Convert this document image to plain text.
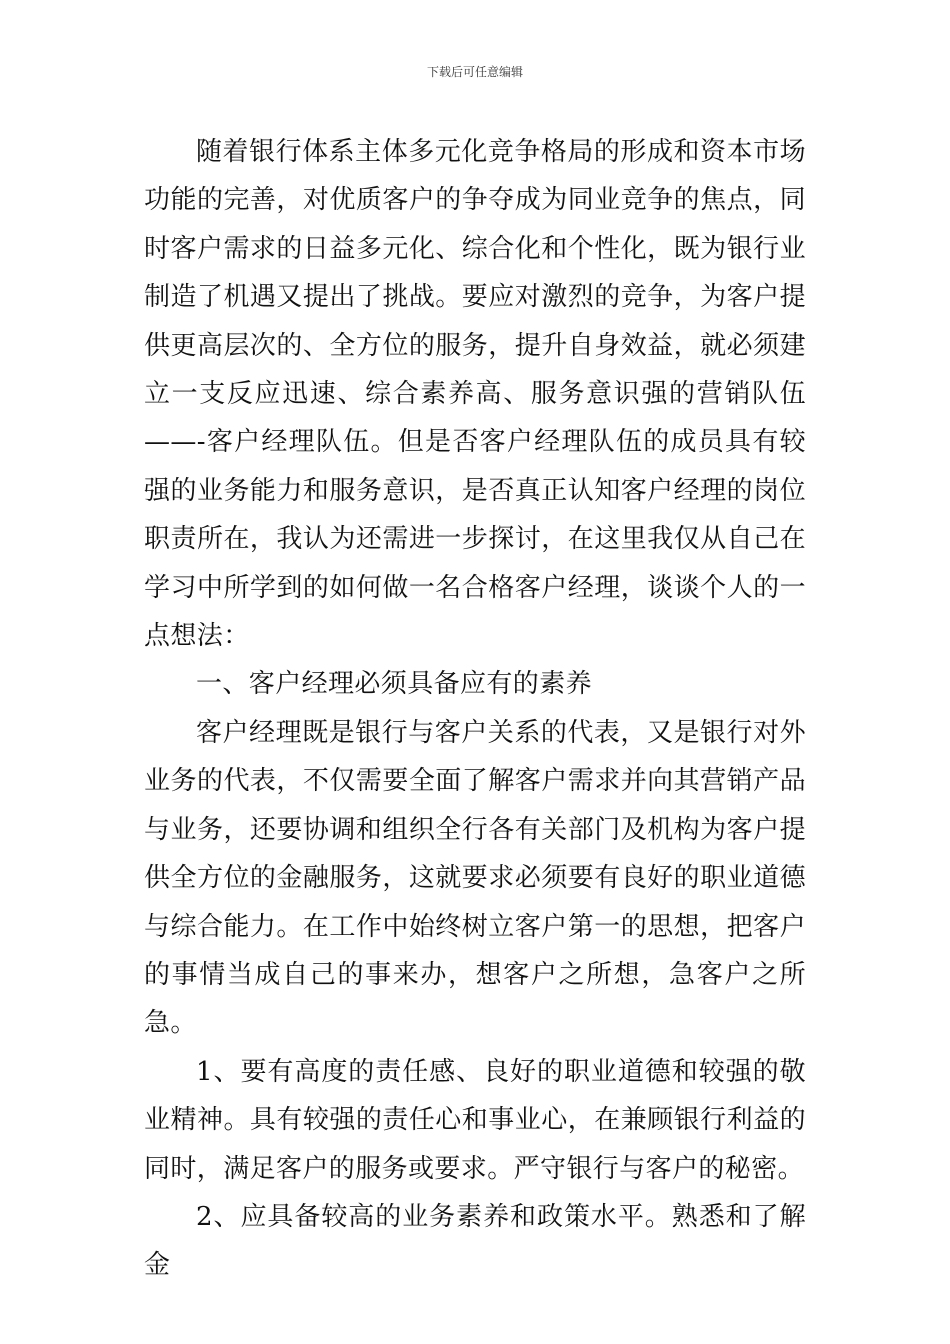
下载后可任意编辑

随着银行体系主体多元化竞争格局的形成和资本市场功能的完善，对优质客户的争夺成为同业竞争的焦点，同时客户需求的日益多元化、综合化和个性化，既为银行业制造了机遇又提出了挑战。要应对激烈的竞争，为客户提供更高层次的、全方位的服务，提升自身效益，就必须建立一支反应迅速、综合素养高、服务意识强的营销队伍——-客户经理队伍。但是否客户经理队伍的成员具有较强的业务能力和服务意识，是否真正认知客户经理的岗位职责所在，我认为还需进一步探讨，在这里我仅从自己在学习中所学到的如何做一名合格客户经理，谈谈个人的一点想法：

一、客户经理必须具备应有的素养

客户经理既是银行与客户关系的代表，又是银行对外业务的代表，不仅需要全面了解客户需求并向其营销产品与业务，还要协调和组织全行各有关部门及机构为客户提供全方位的金融服务，这就要求必须要有良好的职业道德与综合能力。在工作中始终树立客户第一的思想，把客户的事情当成自己的事来办，想客户之所想，急客户之所急。

1、要有高度的责任感、良好的职业道德和较强的敬业精神。具有较强的责任心和事业心，在兼顾银行利益的同时，满足客户的服务或要求。严守银行与客户的秘密。

2、应具备较高的业务素养和政策水平。熟悉和了解金
